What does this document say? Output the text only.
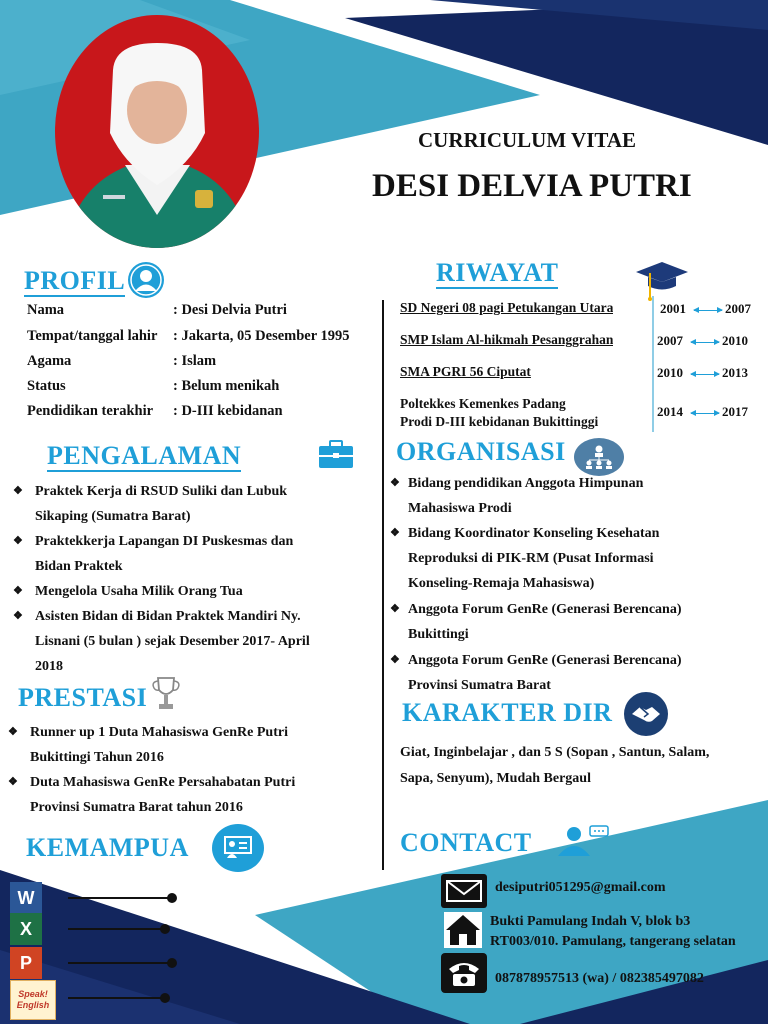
CURRICULUM VITAE
DESI DELVIA PUTRI
PROFIL
Nama	: Desi Delvia Putri
Tempat/tanggal lahir : Jakarta, 05 Desember 1995
Agama	: Islam
Status	: Belum menikah
Pendidikan terakhir : D-III kebidanan
PENGALAMAN
❖ Praktek Kerja di RSUD Suliki dan Lubuk
Sikaping (Sumatra Barat)
❖ Praktekkerja Lapangan DI Puskesmas dan
Bidan Praktek
❖ Mengelola Usaha Milik Orang Tua
❖ Asisten Bidan di Bidan Praktek Mandiri Ny.
Lisnani (5 bulan ) sejak Desember 2017- April
2018
PRESTASI
❖ Runner up 1 Duta Mahasiswa GenRe Putri
Bukittingi Tahun 2016
❖ Duta Mahasiswa GenRe Persahabatan Putri
Provinsi Sumatra Barat tahun 2016
KEMAMPUA
W
X
P
Speak! English
RIWAYAT
SD Negeri 08 pagi Petukangan Utara	2001	2007
SMP Islam Al-hikmah Pesanggrahan	2007	2010
SMA PGRI 56 Ciputat	2010	2013
Poltekkes Kemenkes Padang
Prodi D-III kebidanan Bukittinggi
2014	2017
ORGANISASI
❖ Bidang pendidikan Anggota Himpunan
Mahasiswa Prodi
❖ Bidang Koordinator Konseling Kesehatan
Reproduksi di PIK-RM (Pusat Informasi
Konseling-Remaja Mahasiswa)
❖ Anggota Forum GenRe (Generasi Berencana)
Bukittingi
❖ Anggota Forum GenRe (Generasi Berencana)
Provinsi Sumatra Barat
KARAKTER DIR
Giat, Inginbelajar , dan 5 S (Sopan , Santun, Salam,
Sapa, Senyum), Mudah Bergaul
CONTACT
desiputri051295@gmail.com
Bukti Pamulang Indah V, blok b3
RT003/010. Pamulang, tangerang selatan
087878957513 (wa) / 082385497082
